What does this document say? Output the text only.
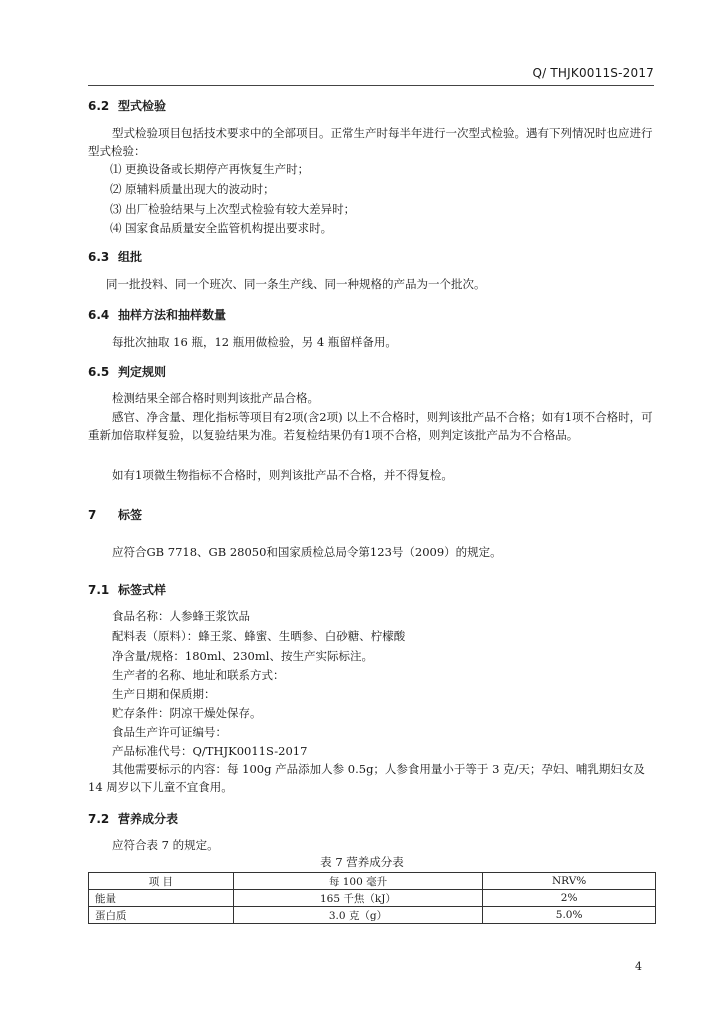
Q/ THJK0011S-2017
6.2 型式检验
型式检验项目包括技术要求中的全部项目。正常生产时每半年进行一次型式检验。遇有下列情况时也应进行型式检验：
⑴ 更换设备或长期停产再恢复生产时；
⑵ 原辅料质量出现大的波动时；
⑶ 出厂检验结果与上次型式检验有较大差异时；
⑷ 国家食品质量安全监管机构提出要求时。
6.3 组批
同一批投料、同一个班次、同一条生产线、同一种规格的产品为一个批次。
6.4 抽样方法和抽样数量
每批次抽取 16 瓶，12 瓶用做检验，另 4 瓶留样备用。
6.5 判定规则
检测结果全部合格时则判该批产品合格。
感官、净含量、理化指标等项目有2项(含2项) 以上不合格时，则判该批产品不合格；如有1项不合格时，可重新加倍取样复验，以复验结果为准。若复检结果仍有1项不合格，则判定该批产品为不合格品。
如有1项微生物指标不合格时，则判该批产品不合格，并不得复检。
7 标签
应符合GB 7718、GB 28050和国家质检总局令第123号（2009）的规定。
7.1 标签式样
食品名称：人参蜂王浆饮品
配料表（原料）：蜂王浆、蜂蜜、生晒参、白砂糖、柠檬酸
净含量/规格：180ml、230ml、按生产实际标注。
生产者的名称、地址和联系方式：
生产日期和保质期：
贮存条件：阴凉干燥处保存。
食品生产许可证编号：
产品标准代号：Q/THJK0011S-2017
其他需要标示的内容：每 100g 产品添加人参 0.5g；人参食用量小于等于 3 克/天；孕妇、哺乳期妇女及 14 周岁以下儿童不宜食用。
7.2 营养成分表
应符合表 7 的规定。
表 7 营养成分表
项 目	每 100 毫升	NRV%
能量	165 千焦（kJ）	2%
蛋白质	3.0 克（g）	5.0%
4
